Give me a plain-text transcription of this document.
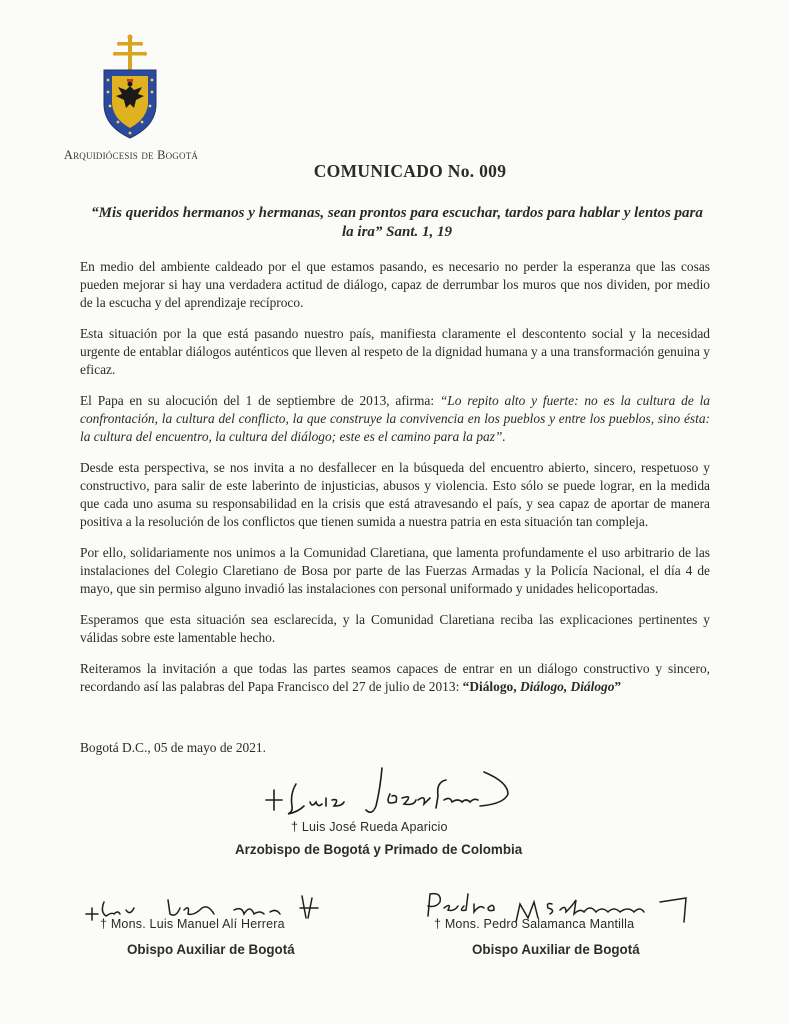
Arquidiócesis de Bogotá
COMUNICADO No. 009
“Mis queridos hermanos y hermanas, sean prontos para escuchar, tardos para hablar y lentos para la ira” Sant. 1, 19

En medio del ambiente caldeado por el que estamos pasando, es necesario no perder la esperanza que las cosas pueden mejorar si hay una verdadera actitud de diálogo, capaz de derrumbar los muros que nos dividen, por medio de la escucha y del aprendizaje recíproco.

Esta situación por la que está pasando nuestro país, manifiesta claramente el descontento social y la necesidad urgente de entablar diálogos auténticos que lleven al respeto de la dignidad humana y a una transformación genuina y eficaz.

El Papa en su alocución del 1 de septiembre de 2013, afirma: “Lo repito alto y fuerte: no es la cultura de la confrontación, la cultura del conflicto, la que construye la convivencia en los pueblos y entre los pueblos, sino ésta: la cultura del encuentro, la cultura del diálogo; este es el camino para la paz”.

Desde esta perspectiva, se nos invita a no desfallecer en la búsqueda del encuentro abierto, sincero, respetuoso y constructivo, para salir de este laberinto de injusticias, abusos y violencia. Esto sólo se puede lograr, en la medida que cada uno asuma su responsabilidad en la crisis que está atravesando el país, y sea capaz de aportar de manera positiva a la resolución de los conflictos que tienen sumida a nuestra patria en esta situación tan compleja.

Por ello, solidariamente nos unimos a la Comunidad Claretiana, que lamenta profundamente el uso arbitrario de las instalaciones del Colegio Claretiano de Bosa por parte de las Fuerzas Armadas y la Policía Nacional, el día 4 de mayo, que sin permiso alguno invadió las instalaciones con personal uniformado y unidades helicoportadas.

Esperamos que esta situación sea esclarecida, y la Comunidad Claretiana reciba las explicaciones pertinentes y válidas sobre este lamentable hecho.

Reiteramos la invitación a que todas las partes seamos capaces de entrar en un diálogo constructivo y sincero, recordando así las palabras del Papa Francisco del 27 de julio de 2013: “Diálogo, Diálogo, Diálogo”

Bogotá D.C., 05 de mayo de 2021.
† Luis José Rueda Aparicio
Arzobispo de Bogotá y Primado de Colombia
† Mons. Luis Manuel Alí Herrera
Obispo Auxiliar de Bogotá
† Mons. Pedro Salamanca Mantilla
Obispo Auxiliar de Bogotá
